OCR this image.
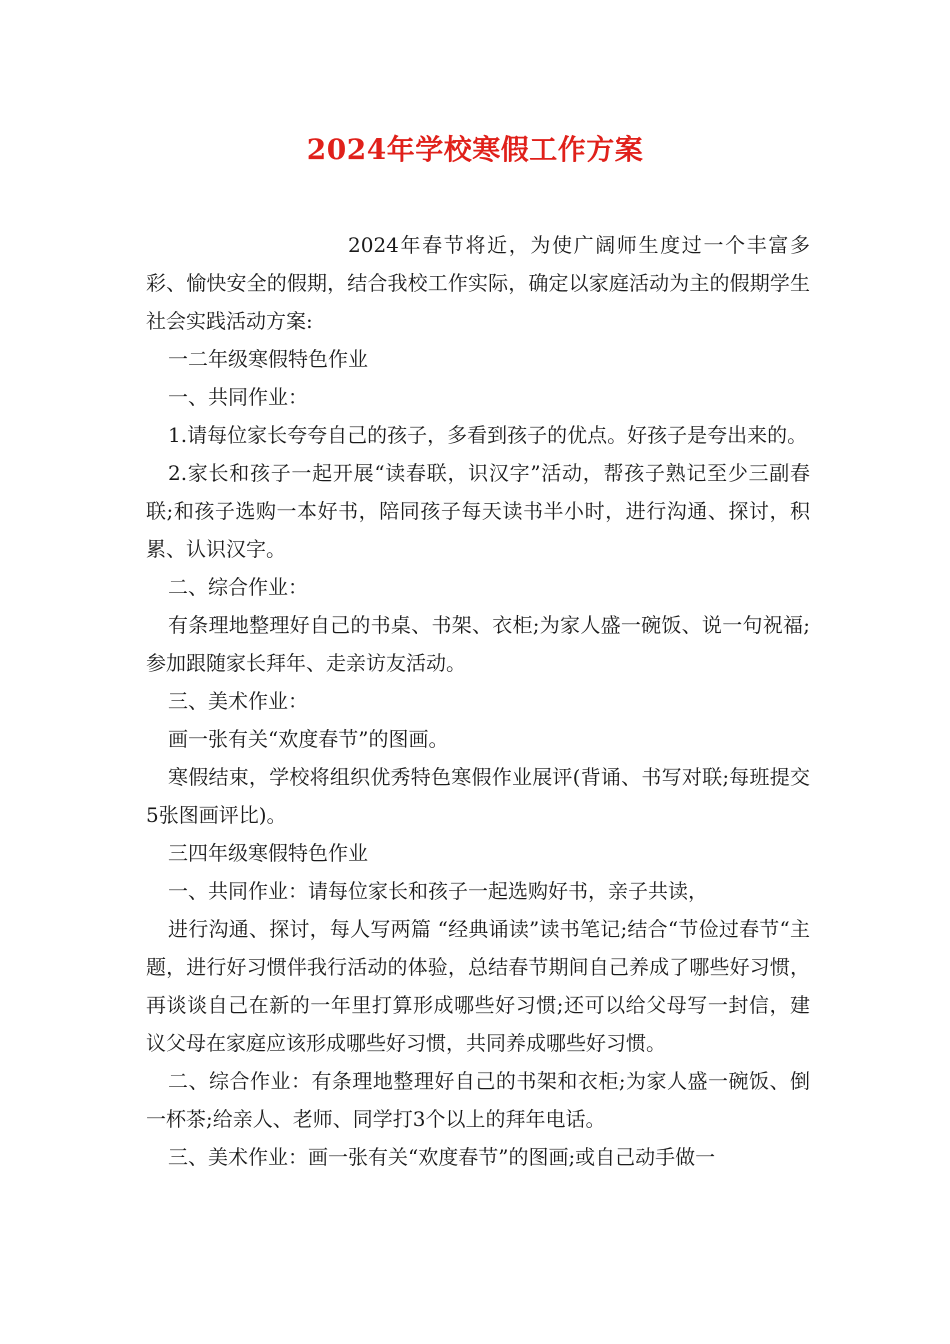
2024年学校寒假工作方案

2024年春节将近，为使广阔师生度过一个丰富多彩、愉快安全的假期，结合我校工作实际，确定以家庭活动为主的假期学生社会实践活动方案:

一二年级寒假特色作业

一、共同作业：

1.请每位家长夸夸自己的孩子，多看到孩子的优点。好孩子是夸出来的。

2.家长和孩子一起开展“读春联，识汉字”活动，帮孩子熟记至少三副春联;和孩子选购一本好书，陪同孩子每天读书半小时，进行沟通、探讨，积累、认识汉字。

二、综合作业：

有条理地整理好自己的书桌、书架、衣柜;为家人盛一碗饭、说一句祝福;参加跟随家长拜年、走亲访友活动。

三、美术作业：

画一张有关“欢度春节”的图画。

寒假结束，学校将组织优秀特色寒假作业展评(背诵、书写对联;每班提交5张图画评比)。

三四年级寒假特色作业

一、共同作业：请每位家长和孩子一起选购好书，亲子共读，

进行沟通、探讨，每人写两篇 “经典诵读”读书笔记;结合“节俭过春节“主题，进行好习惯伴我行活动的体验，总结春节期间自己养成了哪些好习惯，再谈谈自己在新的一年里打算形成哪些好习惯;还可以给父母写一封信，建议父母在家庭应该形成哪些好习惯，共同养成哪些好习惯。

二、综合作业：有条理地整理好自己的书架和衣柜;为家人盛一碗饭、倒一杯茶;给亲人、老师、同学打3个以上的拜年电话。

三、美术作业：画一张有关“欢度春节”的图画;或自己动手做一
